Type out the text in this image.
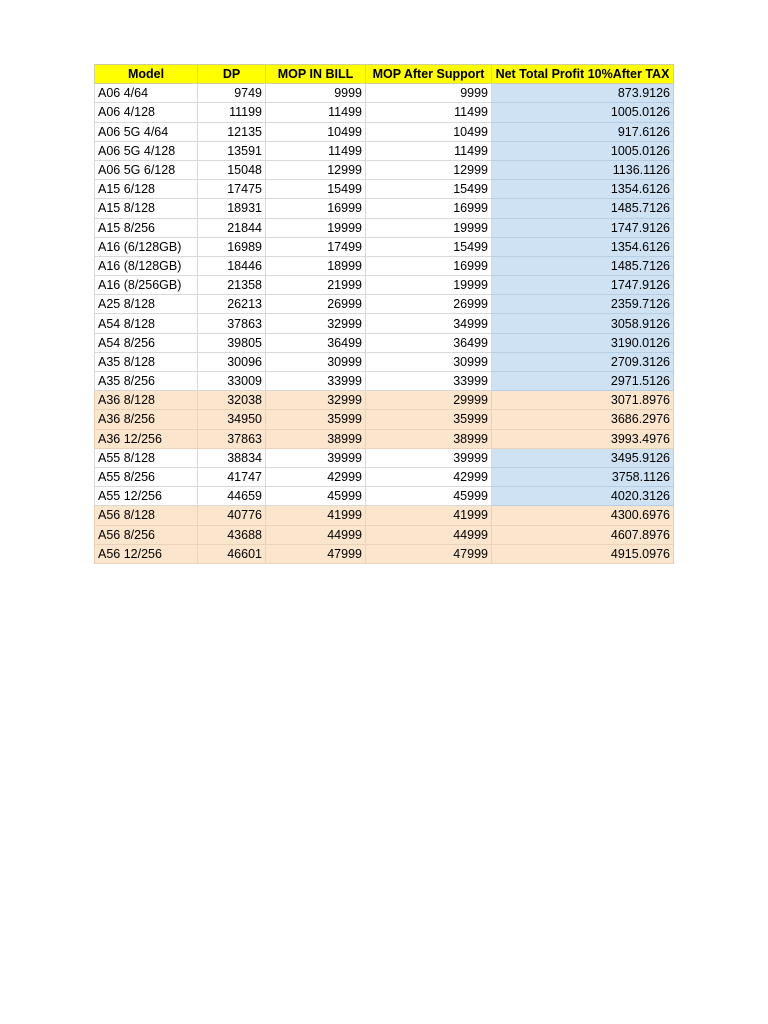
Model	DP	MOP IN BILL	MOP After Support	Net Total Profit 10%After TAX
A06 4/64	9749	9999	9999	873.9126
A06 4/128	11199	11499	11499	1005.0126
A06 5G 4/64	12135	10499	10499	917.6126
A06 5G 4/128	13591	11499	11499	1005.0126
A06 5G 6/128	15048	12999	12999	1136.1126
A15 6/128	17475	15499	15499	1354.6126
A15 8/128	18931	16999	16999	1485.7126
A15 8/256	21844	19999	19999	1747.9126
A16 (6/128GB)	16989	17499	15499	1354.6126
A16 (8/128GB)	18446	18999	16999	1485.7126
A16 (8/256GB)	21358	21999	19999	1747.9126
A25 8/128	26213	26999	26999	2359.7126
A54 8/128	37863	32999	34999	3058.9126
A54 8/256	39805	36499	36499	3190.0126
A35 8/128	30096	30999	30999	2709.3126
A35 8/256	33009	33999	33999	2971.5126
A36 8/128	32038	32999	29999	3071.8976
A36 8/256	34950	35999	35999	3686.2976
A36 12/256	37863	38999	38999	3993.4976
A55 8/128	38834	39999	39999	3495.9126
A55 8/256	41747	42999	42999	3758.1126
A55 12/256	44659	45999	45999	4020.3126
A56 8/128	40776	41999	41999	4300.6976
A56 8/256	43688	44999	44999	4607.8976
A56 12/256	46601	47999	47999	4915.0976
